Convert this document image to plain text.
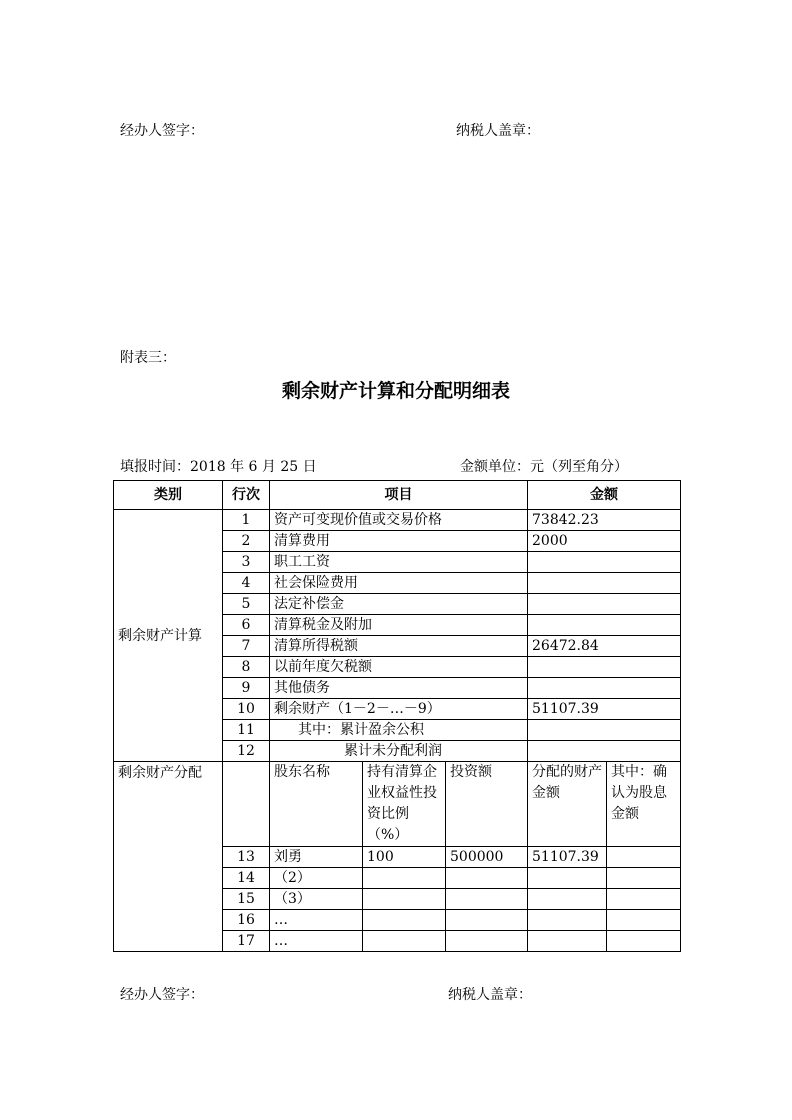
经办人签字：	纳税人盖章：
附表三：
剩余财产计算和分配明细表
填报时间：2018 年 6 月 25 日	金额单位：元（列至角分）
类别	行次	项目			金额	
剩余财产计算	1	资产可变现价值或交易价格			73842.23	
	2	清算费用			2000	
	3	职工工资				
	4	社会保险费用				
	5	法定补偿金				
	6	清算税金及附加				
	7	清算所得税额			26472.84	
	8	以前年度欠税额				
	9	其他债务				
	10	剩余财产（1－2－…－9）			51107.39	
	11	其中：累计盈余公积				
	12	累计未分配利润				
剩余财产分配		股东名称	持有清算企业权益性投资比例（%）	投资额	分配的财产金额	其中：确认为股息金额
	13	刘勇	100	500000	51107.39	
	14	（2）				
	15	（3）				
	16	…				
	17	…				
经办人签字：	纳税人盖章：
